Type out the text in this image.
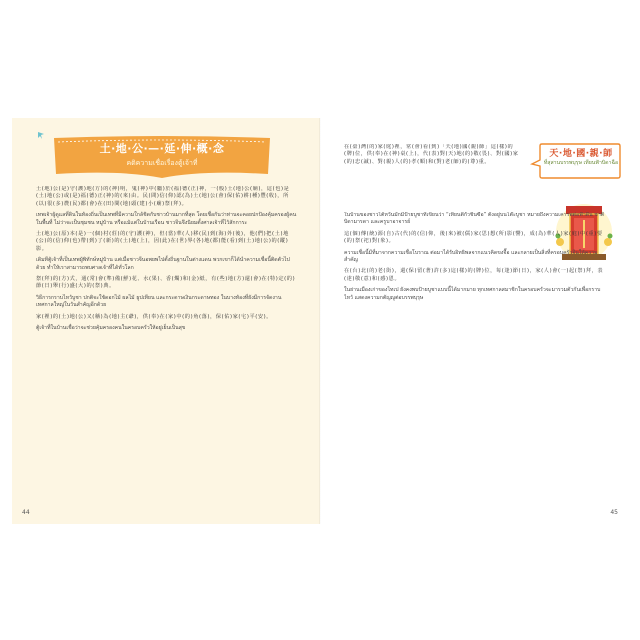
土·地·公·—·延·伸·概·念
คติความเชื่อเรื่องตู้เจ้าที่

土(地)公(是)守(護)地(方)的(神)明，鬼(神)中(屬)於(福)德(正)神，一(般)土(地)公(廟)，這(也)是(土)地(公)或(是)福(德)正(神)的(來)由。民(間)信(仰)認(為)土(地)公(會)保(佑)耕(種)豐(收)，所(以)很(多)農(民)都(會)在(田)間(地)頭(建)小(廟)祭(拜)。

เทพเจ้าผู้ดูแลที่ดินในท้องถิ่นเป็นเทพที่มีความใกล้ชิดกับชาวบ้านมากที่สุด โดยเชื่อกันว่าท่านจะคอยปกป้องคุ้มครองผู้คนในพื้นที่ ไม่ว่าจะเป็นชุมชน หมู่บ้าน หรือแม้แต่ในบ้านเรือน ชาวจีนจึงนิยมตั้งศาลเจ้าที่ไว้สักการะ

土(地)公(原)本(是)一(個)村(莊)的(守)護(神)，但(當)華(人)移(民)到(海)外(後)，他(們)把(土)地(公)的(信)仰(也)帶(到)了(新)的(土)地(上)，因(此)在(世)界(各)地(都)能(看)到(土)地(公)的(蹤)影。

เดิมทีตู้เจ้าที่เป็นเทพผู้พิทักษ์หมู่บ้าน แต่เมื่อชาวจีนอพยพไปตั้งถิ่นฐานในต่างแดน พวกเขาก็ได้นำความเชื่อนี้ติดตัวไปด้วย ทำให้เราสามารถพบศาลเจ้าที่ได้ทั่วโลก

祭(拜)的(方)式，通(常)會(準)備(鮮)花、水(果)、香(燭)和(金)紙，有(些)地(方)還(會)在(特)定(的)節(日)舉(行)盛(大)的(祭)典。

วิธีการกราบไหว้บูชา ปกติจะใช้ดอกไม้ ผลไม้ ธูปเทียน และกระดาษเงินกระดาษทอง ในบางท้องที่ยังมีการจัดงานเทศกาลใหญ่ในวันสำคัญอีกด้วย

家(裡)的(土)地(公)又(稱)為(地)主(爺)，供(奉)在(家)中(的)角(落)，保(佑)家(宅)平(安)。

ตู้เจ้าที่ในบ้านเชื่อว่าจะช่วยคุ้มครองคนในครอบครัวให้อยู่เย็นเป็นสุข

44
天·地·國·親·師
ที่สุสานบรรพบุรุษ เทียนฟ้าบิดาฉือ

在(臺)灣(的)家(庭)裡，常(會)看(到)「天(地)國(親)師」這(樣)的(牌)位，供(奉)在(神)桌(上)，代(表)對(天)地(的)敬(畏)、對(國)家(的)忠(誠)、對(親)人(的)孝(順)和(對)老(師)的(尊)重。

ในบ้านของชาวไต้หวันมักมีป้ายบูชาที่เขียนว่า “เทียนตี้กั๋วชินซือ” ตั้งอยู่บนโต๊ะบูชา หมายถึงความเคารพต่อฟ้าดิน ชาติ บิดามารดา และครูบาอาจารย์

這(個)傳(統)源(自)古(代)的(信)仰，後(來)被(儒)家(思)想(所)影(響)，成(為)華(人)家(庭)中(重)要(的)祭(祀)對(象)。

ความเชื่อนี้มีที่มาจากความเชื่อโบราณ ต่อมาได้รับอิทธิพลจากแนวคิดขงจื๊อ และกลายเป็นสิ่งที่ครอบครัวจีนให้ความสำคัญ

在(台)北(的)老(街)，還(保)留(著)許(多)這(樣)的(牌)位，每(逢)節(日)，家(人)會(一)起(祭)拜，表(達)敬(意)和(感)恩。

ในย่านเมืองเก่าของไทเป ยังคงพบป้ายบูชาแบบนี้ได้มากมาย ทุกเทศกาลสมาชิกในครอบครัวจะมารวมตัวกันเพื่อกราบไหว้ แสดงความกตัญญูต่อบรรพบุรุษ

45
